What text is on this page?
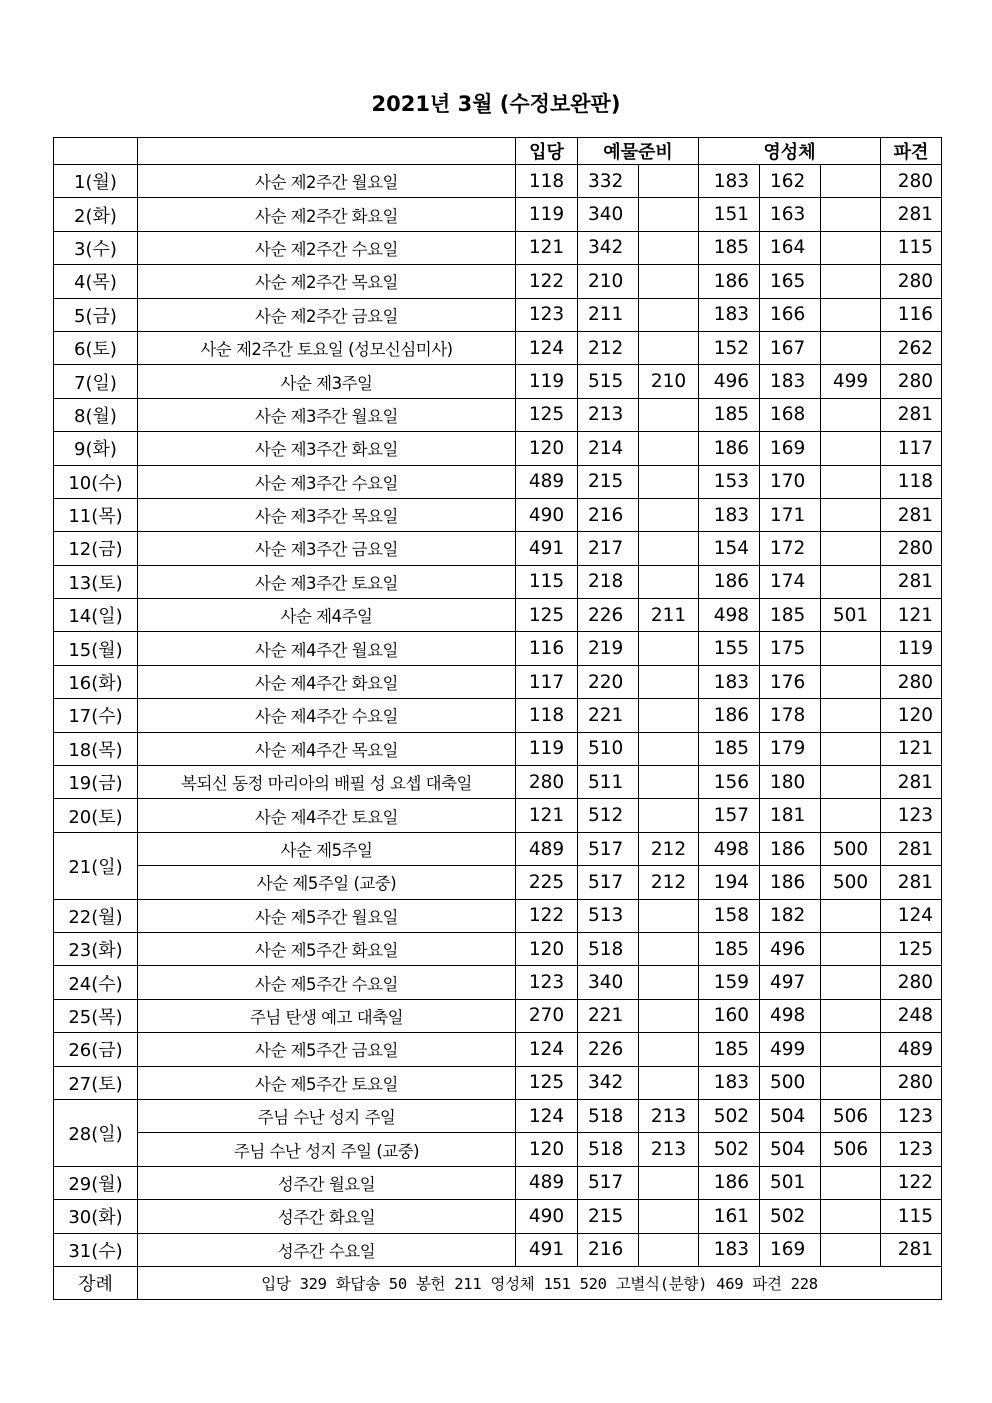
2021년 3월 (수정보완판)
		입당	예물준비		영성체			파견
1(월)	사순 제2주간 월요일	118	332		183	162		280
2(화)	사순 제2주간 화요일	119	340		151	163		281
3(수)	사순 제2주간 수요일	121	342		185	164		115
4(목)	사순 제2주간 목요일	122	210		186	165		280
5(금)	사순 제2주간 금요일	123	211		183	166		116
6(토)	사순 제2주간 토요일 (성모신심미사)	124	212		152	167		262
7(일)	사순 제3주일	119	515	210	496	183	499	280
8(월)	사순 제3주간 월요일	125	213		185	168		281
9(화)	사순 제3주간 화요일	120	214		186	169		117
10(수)	사순 제3주간 수요일	489	215		153	170		118
11(목)	사순 제3주간 목요일	490	216		183	171		281
12(금)	사순 제3주간 금요일	491	217		154	172		280
13(토)	사순 제3주간 토요일	115	218		186	174		281
14(일)	사순 제4주일	125	226	211	498	185	501	121
15(월)	사순 제4주간 월요일	116	219		155	175		119
16(화)	사순 제4주간 화요일	117	220		183	176		280
17(수)	사순 제4주간 수요일	118	221		186	178		120
18(목)	사순 제4주간 목요일	119	510		185	179		121
19(금)	복되신 동정 마리아의 배필 성 요셉 대축일	280	511		156	180		281
20(토)	사순 제4주간 토요일	121	512		157	181		123
21(일)	사순 제5주일	489	517	212	498	186	500	281
	사순 제5주일 (교중)	225	517	212	194	186	500	281
22(월)	사순 제5주간 월요일	122	513		158	182		124
23(화)	사순 제5주간 화요일	120	518		185	496		125
24(수)	사순 제5주간 수요일	123	340		159	497		280
25(목)	주님 탄생 예고 대축일	270	221		160	498		248
26(금)	사순 제5주간 금요일	124	226		185	499		489
27(토)	사순 제5주간 토요일	125	342		183	500		280
28(일)	주님 수난 성지 주일	124	518	213	502	504	506	123
	주님 수난 성지 주일 (교중)	120	518	213	502	504	506	123
29(월)	성주간 월요일	489	517		186	501		122
30(화)	성주간 화요일	490	215		161	502		115
31(수)	성주간 수요일	491	216		183	169		281
장례	입당 329 화답송 50 봉헌 211 영성체 151 520 고별식(분향) 469 파견 228							
